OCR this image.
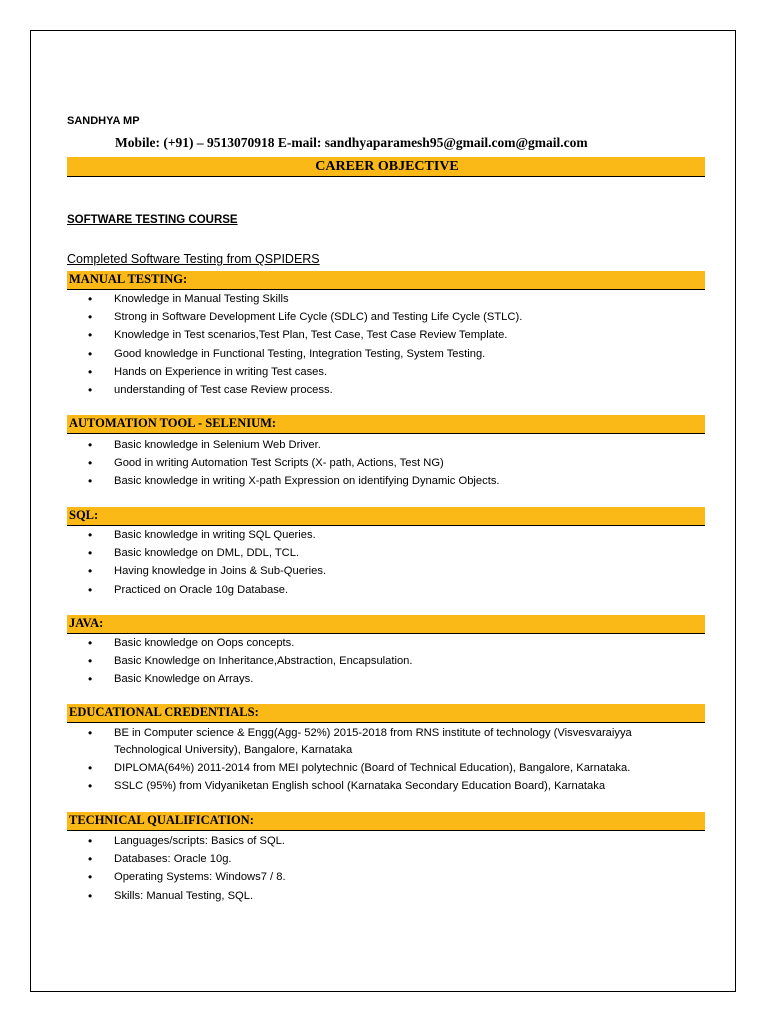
SANDHYA MP
Mobile: (+91) – 9513070918 E-mail: sandhyaparamesh95@gmail.com@gmail.com
CAREER OBJECTIVE
SOFTWARE TESTING COURSE
Completed Software Testing from QSPIDERS
MANUAL TESTING:
• Knowledge in Manual Testing Skills
• Strong in Software Development Life Cycle (SDLC) and Testing Life Cycle (STLC).
• Knowledge in Test scenarios,Test Plan, Test Case, Test Case Review Template.
• Good knowledge in Functional Testing, Integration Testing, System Testing.
• Hands on Experience in writing Test cases.
• understanding of Test case Review process.
AUTOMATION TOOL - SELENIUM:
• Basic knowledge in Selenium Web Driver.
• Good in writing Automation Test Scripts (X- path, Actions, Test NG)
• Basic knowledge in writing X-path Expression on identifying Dynamic Objects.
SQL:
• Basic knowledge in writing SQL Queries.
• Basic knowledge on DML, DDL, TCL.
• Having knowledge in Joins & Sub-Queries.
• Practiced on Oracle 10g Database.
JAVA:
• Basic knowledge on Oops concepts.
• Basic Knowledge on Inheritance,Abstraction, Encapsulation.
• Basic Knowledge on Arrays.
EDUCATIONAL CREDENTIALS:
• BE in Computer science & Engg(Agg- 52%) 2015-2018 from RNS institute of technology (Visvesvaraiyya Technological University), Bangalore, Karnataka
• DIPLOMA(64%) 2011-2014 from MEI polytechnic (Board of Technical Education), Bangalore, Karnataka.
• SSLC (95%) from Vidyaniketan English school (Karnataka Secondary Education Board), Karnataka
TECHNICAL QUALIFICATION:
• Languages/scripts: Basics of SQL.
• Databases: Oracle 10g.
• Operating Systems: Windows7 / 8.
• Skills: Manual Testing, SQL.
